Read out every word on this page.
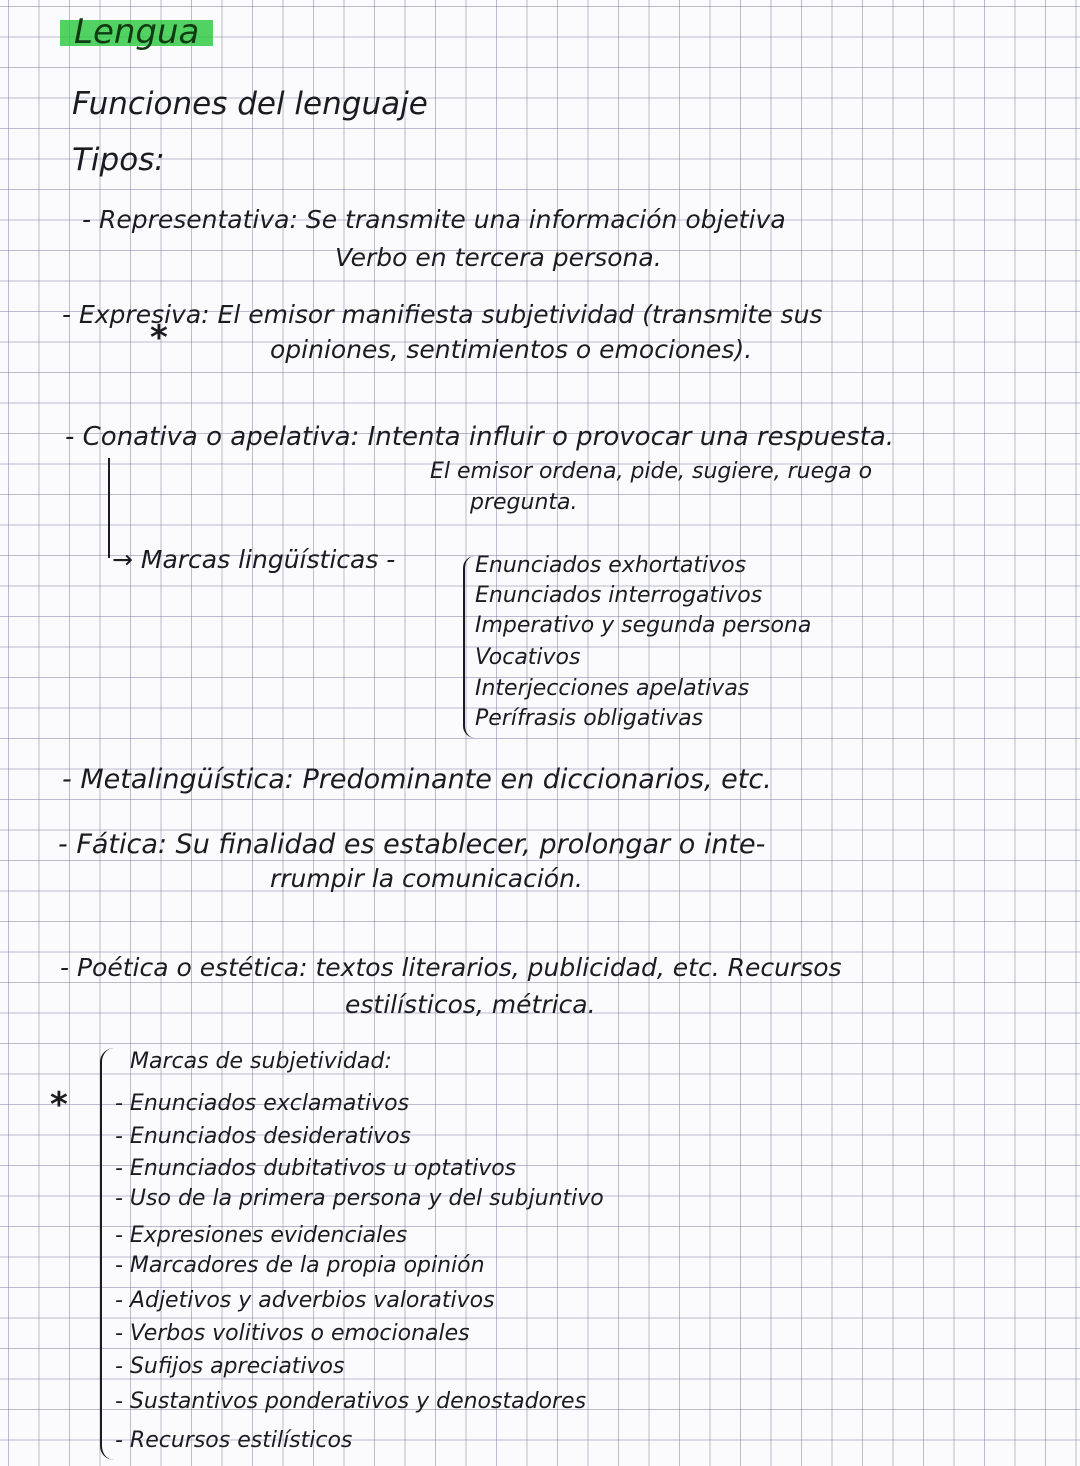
Lengua
Funciones del lenguaje
Tipos:
- Representativa: Se transmite una información objetiva
Verbo en tercera persona.
- Expresiva: El emisor manifiesta subjetividad (transmite sus
*	opiniones, sentimientos o emociones).
- Conativa o apelativa: Intenta influir o provocar una respuesta.
El emisor ordena, pide, sugiere, ruega o
pregunta.
→ Marcas lingüísticas -	Enunciados exhortativos
Enunciados interrogativos
Imperativo y segunda persona
Vocativos
Interjecciones apelativas
Perífrasis obligativas
- Metalingüística: Predominante en diccionarios, etc.
- Fática: Su finalidad es establecer, prolongar o inte-
rrumpir la comunicación.
- Poética o estética: textos literarios, publicidad, etc. Recursos
estilísticos, métrica.
*
Marcas de subjetividad:
- Enunciados exclamativos
- Enunciados desiderativos
- Enunciados dubitativos u optativos
- Uso de la primera persona y del subjuntivo
- Expresiones evidenciales
- Marcadores de la propia opinión
- Adjetivos y adverbios valorativos
- Verbos volitivos o emocionales
- Sufijos apreciativos
- Sustantivos ponderativos y denostadores
- Recursos estilísticos
